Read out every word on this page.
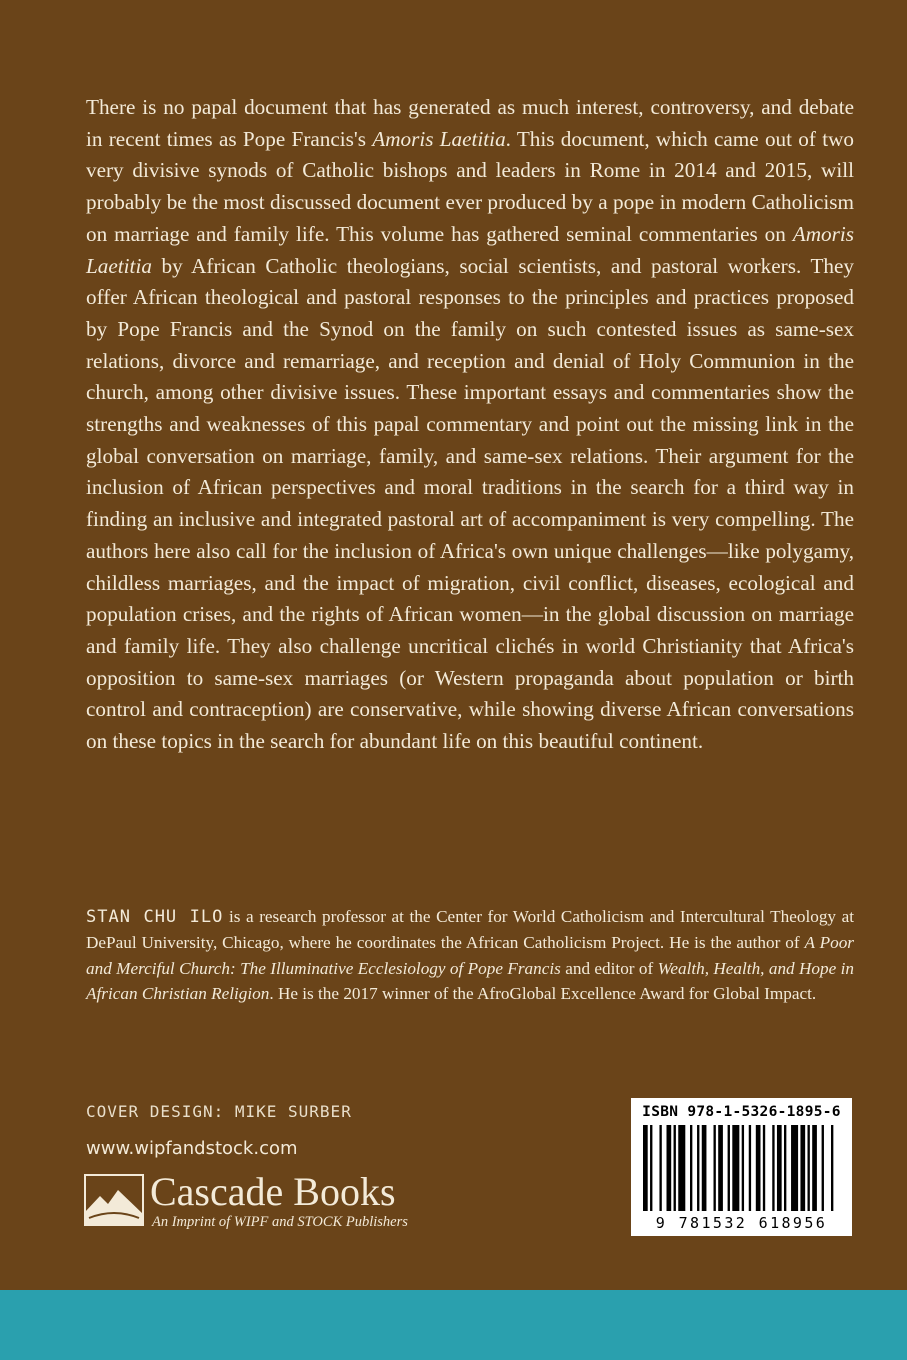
There is no papal document that has generated as much interest, controversy, and debate in recent times as Pope Francis's Amoris Laetitia. This document, which came out of two very divisive synods of Catholic bishops and leaders in Rome in 2014 and 2015, will probably be the most discussed document ever produced by a pope in modern Catholicism on marriage and family life. This volume has gathered seminal commentaries on Amoris Laetitia by African Catholic theologians, social scientists, and pastoral workers. They offer African theological and pastoral responses to the principles and practices proposed by Pope Francis and the Synod on the family on such contested issues as same-sex relations, divorce and remarriage, and reception and denial of Holy Communion in the church, among other divisive issues. These important essays and commentaries show the strengths and weaknesses of this papal commentary and point out the missing link in the global conversation on marriage, family, and same-sex relations. Their argument for the inclusion of African perspectives and moral traditions in the search for a third way in finding an inclusive and integrated pastoral art of accompaniment is very compelling. The authors here also call for the inclusion of Africa's own unique challenges—like polygamy, childless marriages, and the impact of migration, civil conflict, diseases, ecological and population crises, and the rights of African women—in the global discussion on marriage and family life. They also challenge uncritical clichés in world Christianity that Africa's opposition to same-sex marriages (or Western propaganda about population or birth control and contraception) are conservative, while showing diverse African conversations on these topics in the search for abundant life on this beautiful continent.

STAN CHU ILO is a research professor at the Center for World Catholicism and Intercultural Theology at DePaul University, Chicago, where he coordinates the African Catholicism Project. He is the author of A Poor and Merciful Church: The Illuminative Ecclesiology of Pope Francis and editor of Wealth, Health, and Hope in African Christian Religion. He is the 2017 winner of the AfroGlobal Excellence Award for Global Impact.

COVER DESIGN: MIKE SURBER
www.wipfandstock.com
Cascade Books
An Imprint of WIPF and STOCK Publishers
ISBN 978-1-5326-1895-6
9 781532 618956
